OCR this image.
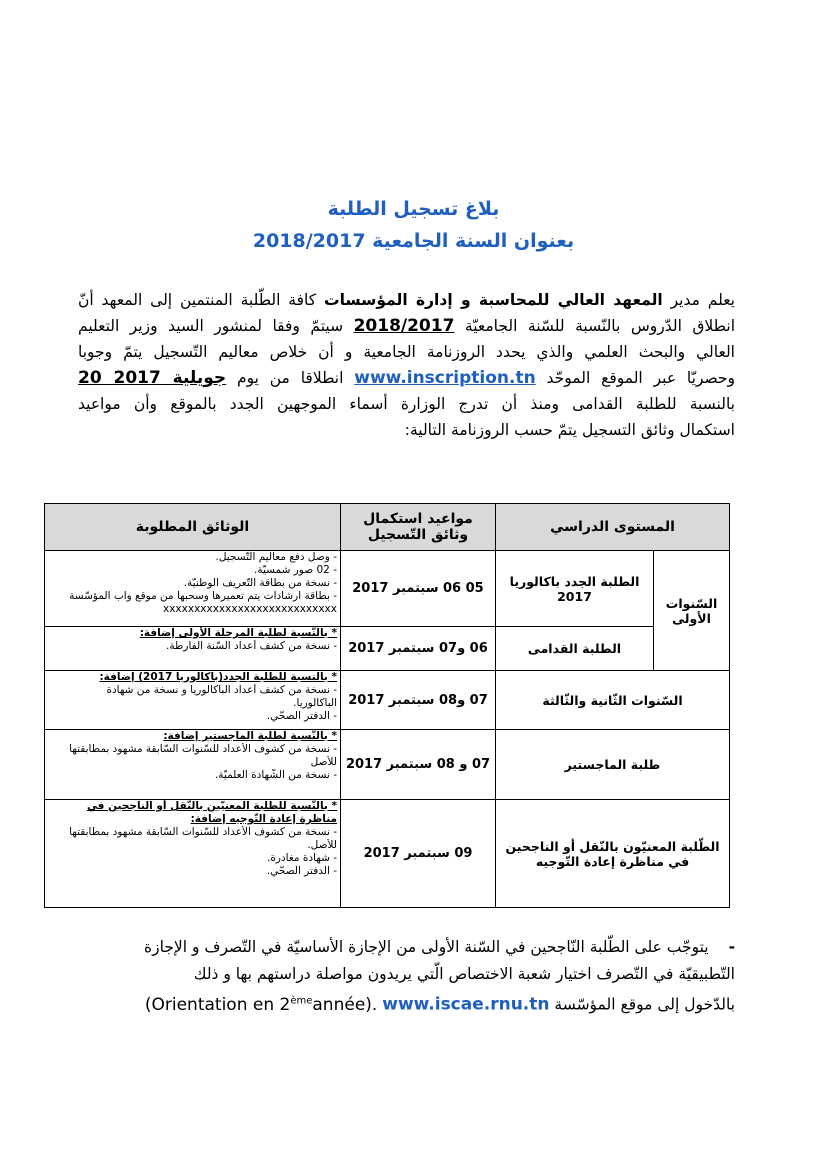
بلاغ تسجيل الطلبة
بعنوان السنة الجامعية 2018/2017
يعلم مدير المعهد العالي للمحاسبة و إدارة المؤسسات كافة الطّلبة المنتمين إلى المعهد أنّ
انطلاق الدّروس بالنّسبة للسّنة الجامعيّة 2018/2017 سيتمّ وفقا لمنشور السيد وزير التعليم
العالي والبحث العلمي والذي يحدد الروزنامة الجامعية و أن خلاص معاليم التّسجيل يتمّ وجوبا
وحصريّا عبر الموقع الموحّد www.inscription.tn انطلاقا من يوم 20 جويلية 2017
بالنسبة للطلبة القدامى ومنذ أن تدرج الوزارة أسماء الموجهين الجدد بالموقع وأن مواعيد
استكمال وثائق التسجيل يتمّ حسب الروزنامة التالية:
المستوى الدراسي		مواعيد استكمال وثائق التّسجيل	الوثائق المطلوبة
السّنوات الأولى	الطلبة الجدد باكالوريا 2017	05 06 سبتمبر 2017	- وصل دفع معاليم التّسجيل.
- 02 صور شمسيّة.
- نسخة من بطاقة التّعريف الوطنيّة.
- بطاقة ارشادات يتم تعميرها وسحبها من موقع واب المؤسّسة
xxxxxxxxxxxxxxxxxxxxxxxxxxxx

	الطلبة القدامى	06 و07 سبتمبر 2017	* بالنّسبة لطلبة المرحلة الأولى إضافة:
- نسخة من كشف أعداد السّنة الفارطة.

السّنوات الثّانية والثّالثة		07 و08 سبتمبر 2017	* بالنسبة للطلبة الجدد(باكالوريا 2017) إضافة:
- نسخة من كشف أعداد الباكالوريا و نسخة من شهادة
الباكالوريا.
- الدفتر الصحّي.

طلبة الماجستير		07 و 08 سبتمبر 2017	* بالنّسبة لطلبة الماجستير إضافة:
- نسخة من كشوف الأعداد للسّنوات السّابقة مشهود بمطابقتها
للأصل
- نسخة من الشّهادة العلميّة.

الطّلبة المعنيّون بالنّقل أو الناجحين في مناظرة إعادة التّوجيه		09 سبتمبر 2017	* بالنّسبة للطّلبة المعنيّين بالنّقل أو الناجحين في مناظرة إعادة التّوجيه إضافة:
- نسخة من كشوف الأعداد للسّنوات السّابقة مشهود بمطابقتها
للأصل.
- شهادة مغادرة.
- الدفتر الصحّي.
-يتوجّب على الطّلبة النّاجحين في السّنة الأولى من الإجازة الأساسيّة في التّصرف و الإجازة
التّطبيقيّة في التّصرف اختيار شعبة الاختصاص الّتي يريدون مواصلة دراستهم بها و ذلك
بالدّخول إلى موقع المؤسّسة www.iscae.rnu.tn (Orientation en 2èmeannée).
